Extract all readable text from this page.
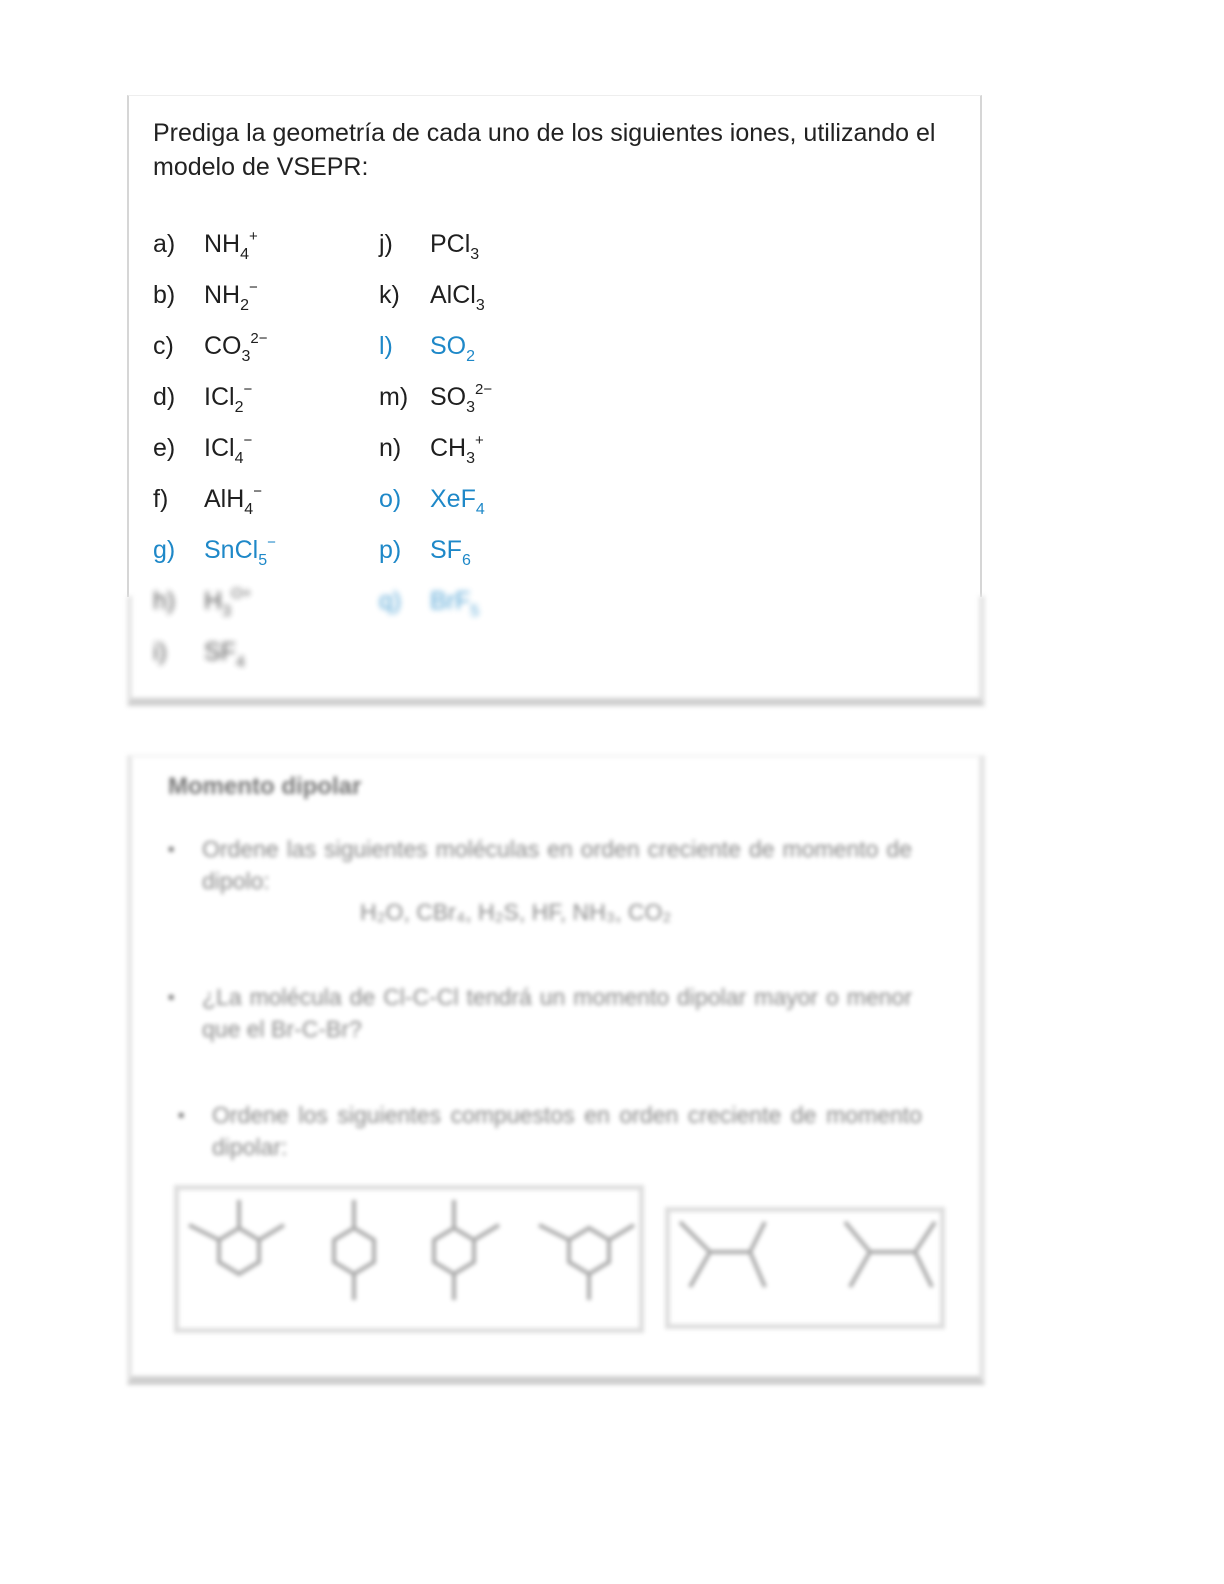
Prediga la geometría de cada uno de los siguientes iones, utilizando el modelo de VSEPR:
a) $NH_4^+$
b) $NH_2^-$
c) $CO_3^{2-}$
d) ICl$_2$−
e) ICl$_4$−
f) AlH$_4$−
g) SnCl$_5$−
h) $H_3^{O+}$
i) $SF_4$
j) PCl$_3$
k) AlCl$_3$
l) $SO_2$
m) $SO_3^{2-}$
n) $CH_3^+$
o) XeF$_4$
p) $SF_6$
q) BrF$_5$
Momento dipolar
▪ Ordene las siguientes moléculas en orden creciente de momento de dipolo:
H₂O, CBr₄, H₂S, HF, NH₃, CO₂
▪ ¿La molécula de Cl-C-Cl tendrá un momento dipolar mayor o menor que el Br-C-Br?
▪ Ordene los siguientes compuestos en orden creciente de momento dipolar:
